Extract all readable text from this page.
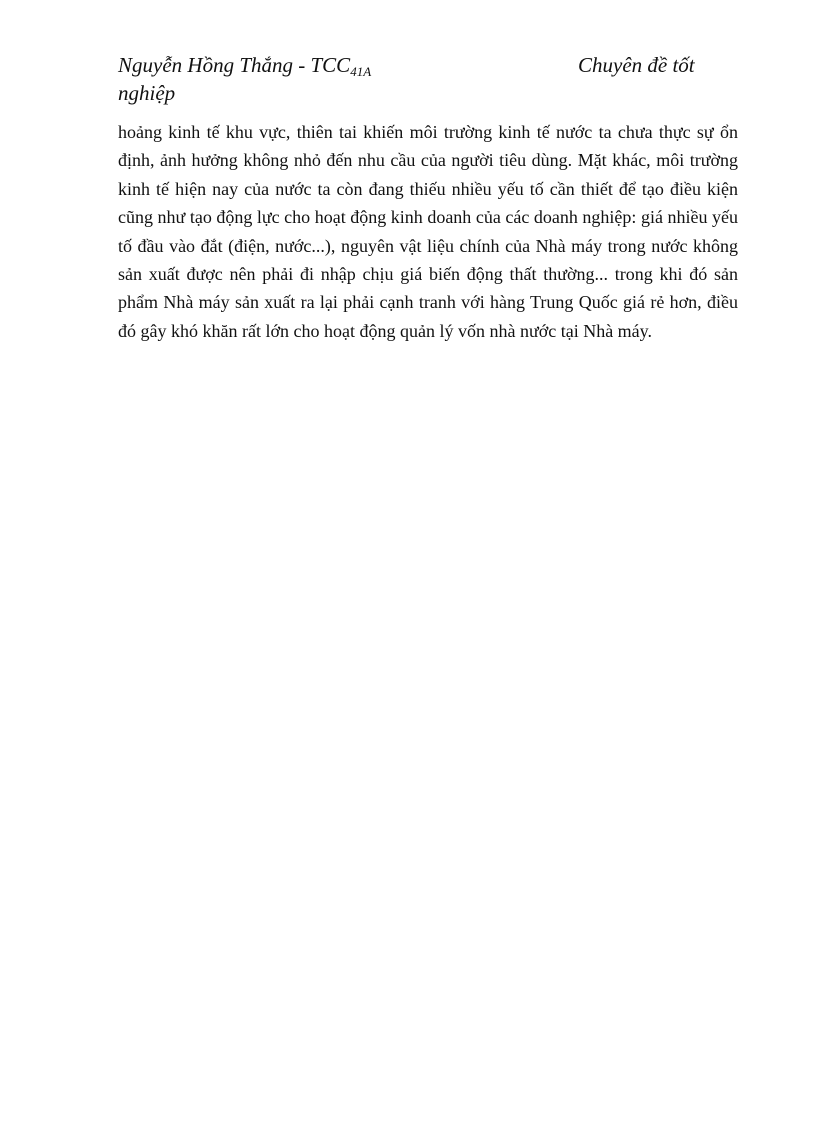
Nguyễn Hồng Thắng - $TCC_{41A}$	Chuyên đề tốt
nghiệp

hoảng kinh tế khu vực, thiên tai khiến môi trường kinh tế nước ta chưa thực sự ổn định, ảnh hưởng không nhỏ đến nhu cầu của người tiêu dùng. Mặt khác, môi trường kinh tế hiện nay của nước ta còn đang thiếu nhiều yếu tố cần thiết để tạo điều kiện cũng như tạo động lực cho hoạt động kinh doanh của các doanh nghiệp: giá nhiều yếu tố đầu vào đắt (điện, nước...), nguyên vật liệu chính của Nhà máy trong nước không sản xuất được nên phải đi nhập chịu giá biến động thất thường... trong khi đó sản phẩm Nhà máy sản xuất ra lại phải cạnh tranh với hàng Trung Quốc giá rẻ hơn, điều đó gây khó khăn rất lớn cho hoạt động quản lý vốn nhà nước tại Nhà máy.
